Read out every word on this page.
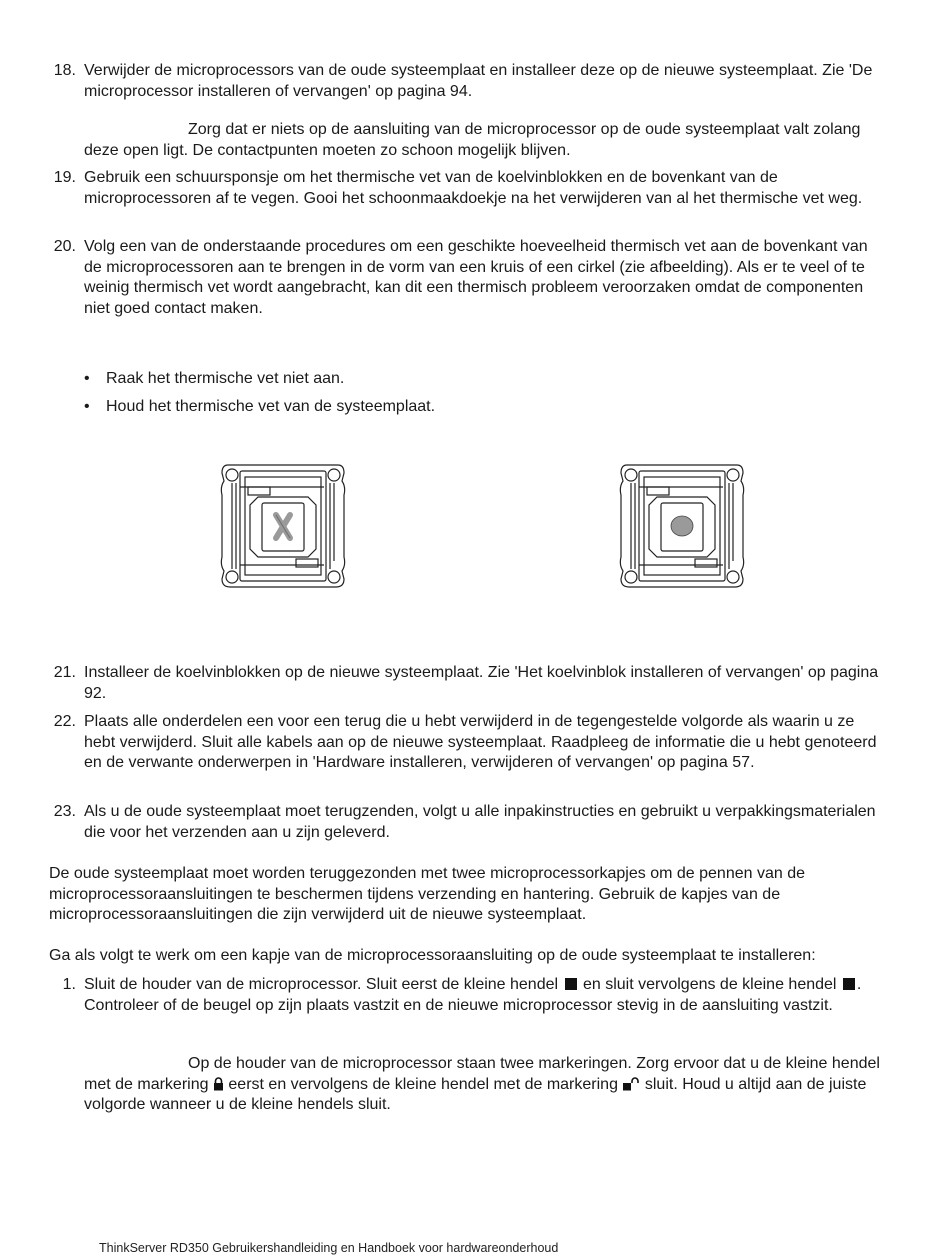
18. Verwijder de microprocessors van de oude systeemplaat en installeer deze op de nieuwe systeemplaat. Zie 'De microprocessor installeren of vervangen' op pagina 94.
Zorg dat er niets op de aansluiting van de microprocessor op de oude systeemplaat valt zolang deze open ligt. De contactpunten moeten zo schoon mogelijk blijven.
19. Gebruik een schuursponsje om het thermische vet van de koelvinblokken en de bovenkant van de microprocessoren af te vegen. Gooi het schoonmaakdoekje na het verwijderen van al het thermische vet weg.
20. Volg een van de onderstaande procedures om een geschikte hoeveelheid thermisch vet aan de bovenkant van de microprocessoren aan te brengen in de vorm van een kruis of een cirkel (zie afbeelding). Als er te veel of te weinig thermisch vet wordt aangebracht, kan dit een thermisch probleem veroorzaken omdat de componenten niet goed contact maken.
• Raak het thermische vet niet aan.
• Houd het thermische vet van de systeemplaat.
21. Installeer de koelvinblokken op de nieuwe systeemplaat. Zie 'Het koelvinblok installeren of vervangen' op pagina 92.
22. Plaats alle onderdelen een voor een terug die u hebt verwijderd in de tegengestelde volgorde als waarin u ze hebt verwijderd. Sluit alle kabels aan op de nieuwe systeemplaat. Raadpleeg de informatie die u hebt genoteerd en de verwante onderwerpen in 'Hardware installeren, verwijderen of vervangen' op pagina 57.
23. Als u de oude systeemplaat moet terugzenden, volgt u alle inpakinstructies en gebruikt u verpakkingsmaterialen die voor het verzenden aan u zijn geleverd.
De oude systeemplaat moet worden teruggezonden met twee microprocessorkapjes om de pennen van de microprocessoraansluitingen te beschermen tijdens verzending en hantering. Gebruik de kapjes van de microprocessoraansluitingen die zijn verwijderd uit de nieuwe systeemplaat.
Ga als volgt te werk om een kapje van de microprocessoraansluiting op de oude systeemplaat te installeren:
1. Sluit de houder van de microprocessor. Sluit eerst de kleine hendel en sluit vervolgens de kleine hendel . Controleer of de beugel op zijn plaats vastzit en de nieuwe microprocessor stevig in de aansluiting vastzit.
Op de houder van de microprocessor staan twee markeringen. Zorg ervoor dat u de kleine hendel met de markering eerst en vervolgens de kleine hendel met de markering sluit. Houd u altijd aan de juiste volgorde wanneer u de kleine hendels sluit.
ThinkServer RD350 Gebruikershandleiding en Handboek voor hardwareonderhoud
